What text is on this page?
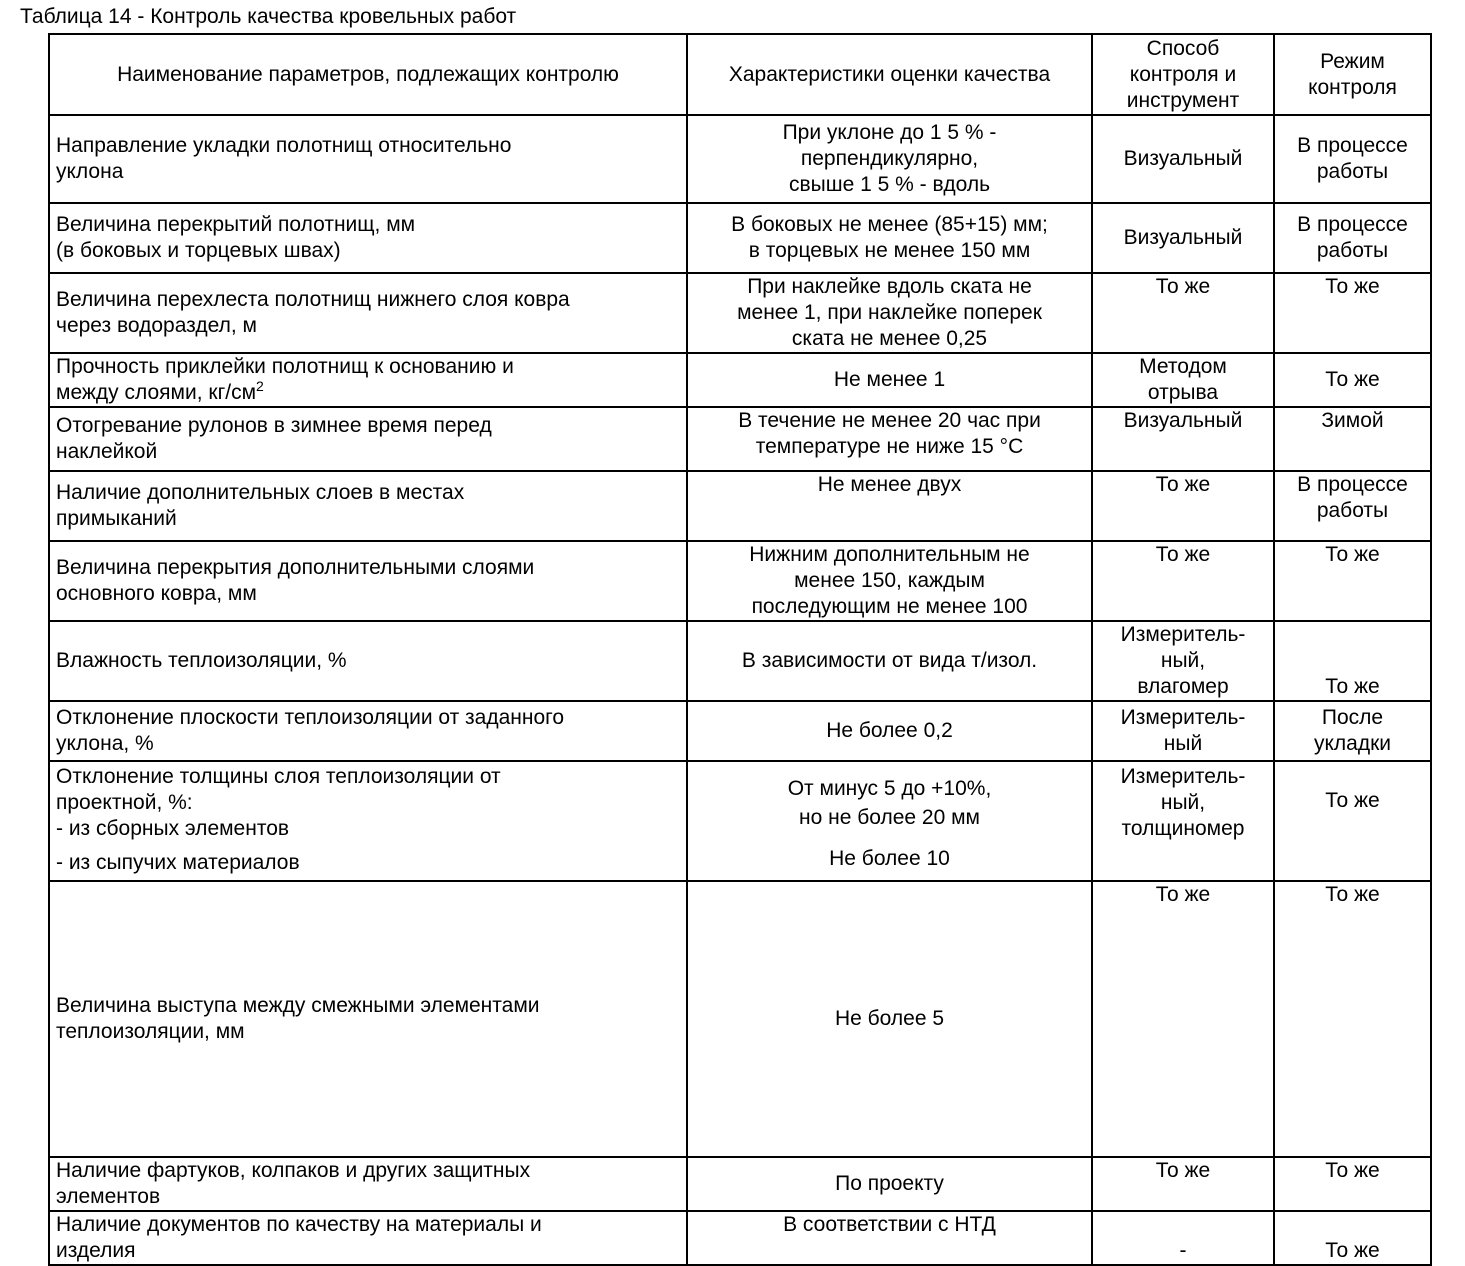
Таблица 14 - Контроль качества кровельных работ
Наименование параметров, подлежащих контролю	Характеристики оценки качества	Способ
контроля и
инструмент	Режим
контроля

Направление укладки полотнищ относительно
уклона	При уклоне до 1 5 % -
перпендикулярно,
свыше 1 5 % - вдоль	Визуальный	В процессе
работы

Величина перекрытий полотнищ, мм
(в боковых и торцевых швах)	В боковых не менее (85+15) мм;
в торцевых не менее 150 мм	Визуальный	В процессе
работы

Величина перехлеста полотнищ нижнего слоя ковра
через водораздел, м	При наклейке вдоль ската не
менее 1, при наклейке поперек
ската не менее 0,25	То же	То же

Прочность приклейки полотнищ к основанию и
между слоями, $кг/см^2$	Не менее 1	Методом
отрыва	То же

Отогревание рулонов в зимнее время перед
наклейкой	В течение не менее 20 час при
температуре не ниже 15 °С	Визуальный	Зимой

Наличие дополнительных слоев в местах
примыканий	Не менее двух	То же	В процессе
работы

Величина перекрытия дополнительными слоями
основного ковра, мм	Нижним дополнительным не
менее 150, каждым
последующим не менее 100	То же	То же

Влажность теплоизоляции, %	В зависимости от вида т/изол.	Измеритель-
ный,
влагомер	То же

Отклонение плоскости теплоизоляции от заданного
уклона, %	Не более 0,2	Измеритель-
ный	После
укладки

Отклонение толщины слоя теплоизоляции от
проектной, %:
- из сборных элементов
- из сыпучих материалов	От минус 5 до +10%,
но не более 20 мм
Не более 10	Измеритель-
ный,
толщиномер	То же

Величина выступа между смежными элементами
теплоизоляции, мм	Не более 5	То же	То же

Наличие фартуков, колпаков и других защитных
элементов	По проекту	То же	То же

Наличие документов по качеству на материалы и
изделия	В соответствии с НТД	-	То же
